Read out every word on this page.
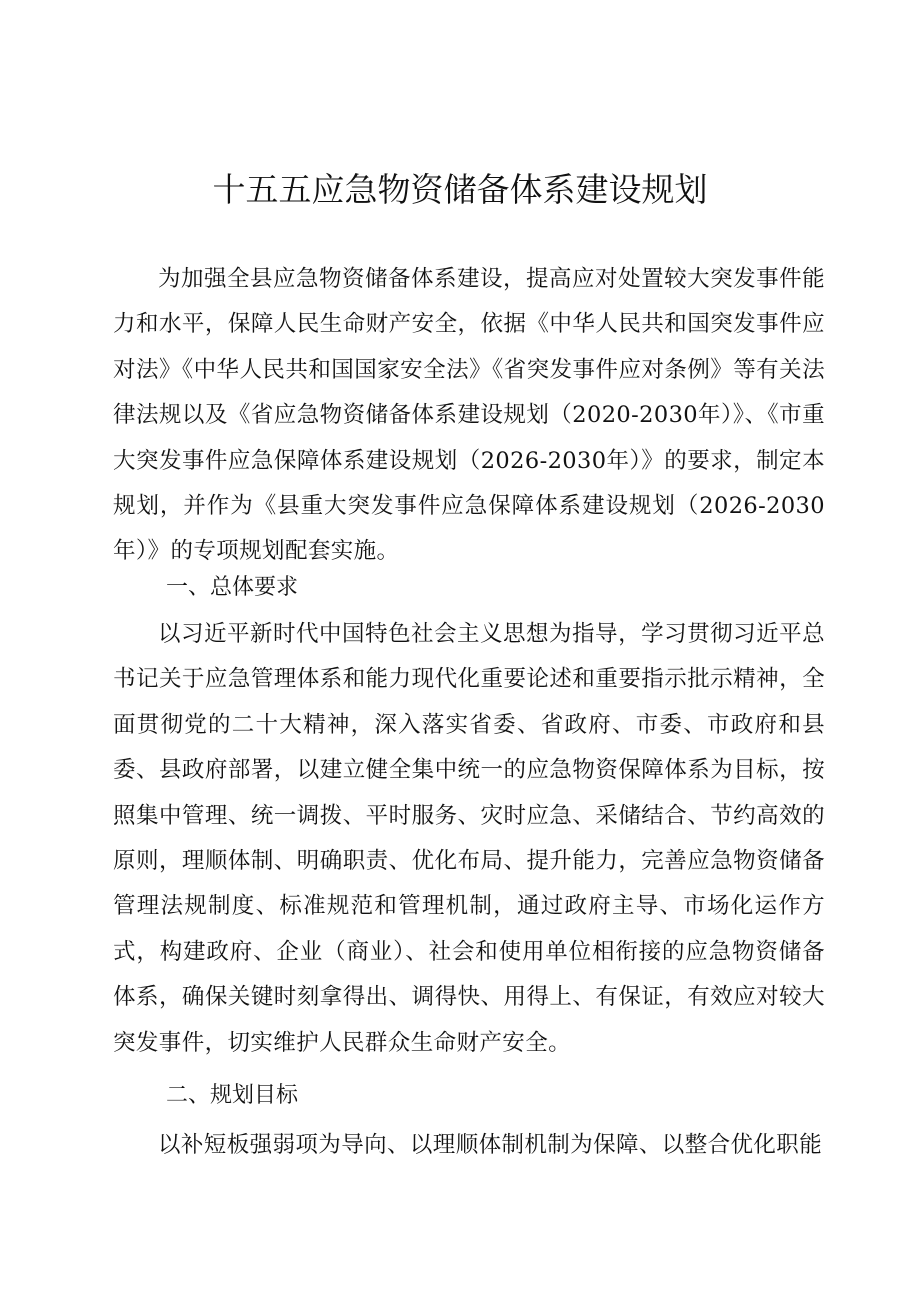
十五五应急物资储备体系建设规划

为加强全县应急物资储备体系建设，提高应对处置较大突发事件能力和水平，保障人民生命财产安全，依据《中华人民共和国突发事件应对法》《中华人民共和国国家安全法》《省突发事件应对条例》等有关法律法规以及《省应急物资储备体系建设规划（2020-2030年）》、《市重大突发事件应急保障体系建设规划（2026-2030年）》的要求，制定本规划，并作为《县重大突发事件应急保障体系建设规划（2026-2030年）》的专项规划配套实施。

一、总体要求

以习近平新时代中国特色社会主义思想为指导，学习贯彻习近平总书记关于应急管理体系和能力现代化重要论述和重要指示批示精神，全面贯彻党的二十大精神，深入落实省委、省政府、市委、市政府和县委、县政府部署，以建立健全集中统一的应急物资保障体系为目标，按照集中管理、统一调拨、平时服务、灾时应急、采储结合、节约高效的原则，理顺体制、明确职责、优化布局、提升能力，完善应急物资储备管理法规制度、标准规范和管理机制，通过政府主导、市场化运作方式，构建政府、企业（商业）、社会和使用单位相衔接的应急物资储备体系，确保关键时刻拿得出、调得快、用得上、有保证，有效应对较大突发事件，切实维护人民群众生命财产安全。

二、规划目标

以补短板强弱项为导向、以理顺体制机制为保障、以整合优化职能
